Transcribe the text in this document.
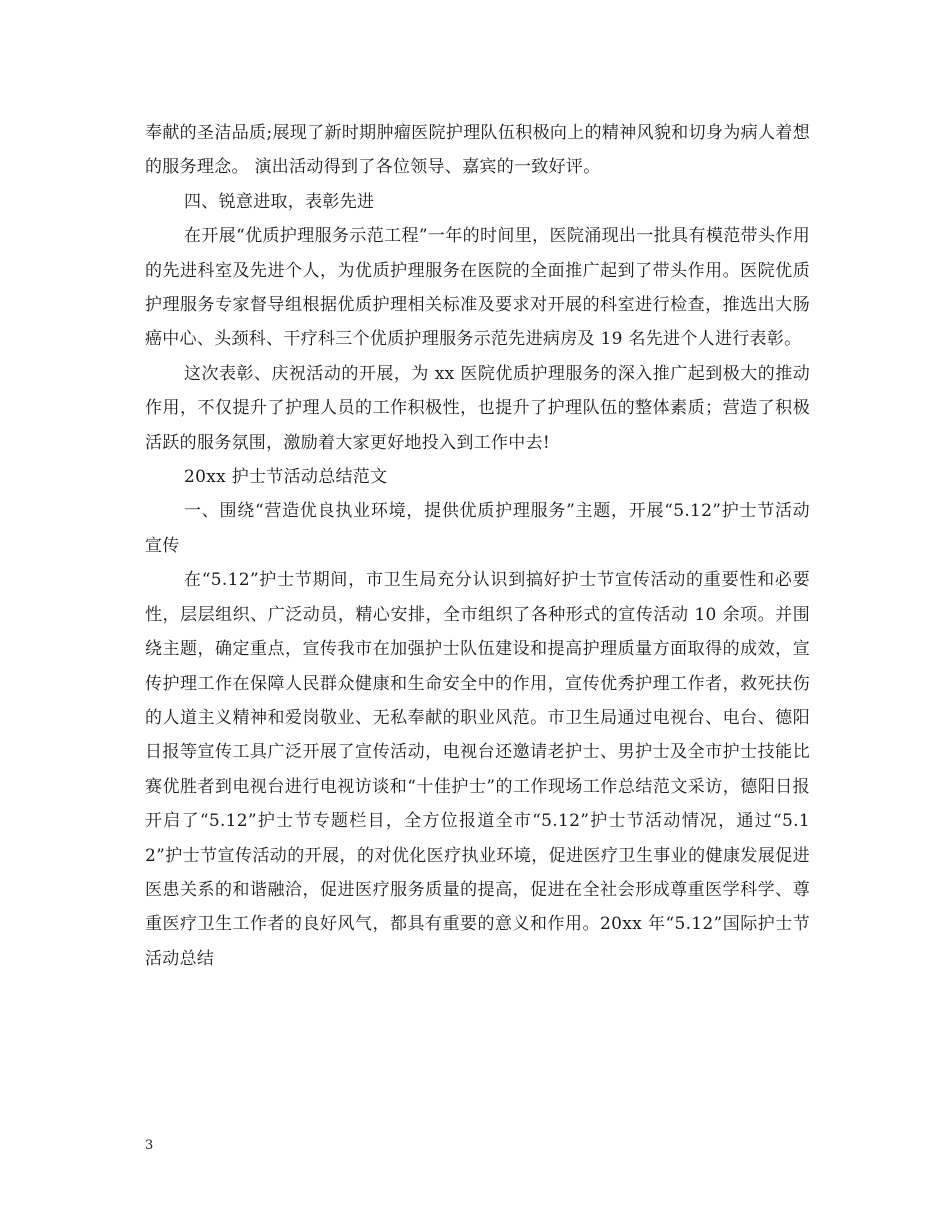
奉献的圣洁品质;展现了新时期肿瘤医院护理队伍积极向上的精神风貌和切身为病人着想的服务理念。 演出活动得到了各位领导、嘉宾的一致好评。

四、锐意进取，表彰先进

在开展“优质护理服务示范工程”一年的时间里，医院涌现出一批具有模范带头作用的先进科室及先进个人，为优质护理服务在医院的全面推广起到了带头作用。医院优质护理服务专家督导组根据优质护理相关标准及要求对开展的科室进行检查，推选出大肠癌中心、头颈科、干疗科三个优质护理服务示范先进病房及 19 名先进个人进行表彰。

这次表彰、庆祝活动的开展，为 xx 医院优质护理服务的深入推广起到极大的推动作用，不仅提升了护理人员的工作积极性，也提升了护理队伍的整体素质；营造了积极活跃的服务氛围，激励着大家更好地投入到工作中去!

20xx 护士节活动总结范文

一、围绕“营造优良执业环境，提供优质护理服务”主题，开展“5.12”护士节活动宣传

在“5.12”护士节期间，市卫生局充分认识到搞好护士节宣传活动的重要性和必要性，层层组织、广泛动员，精心安排，全市组织了各种形式的宣传活动 10 余项。并围绕主题，确定重点，宣传我市在加强护士队伍建设和提高护理质量方面取得的成效，宣传护理工作在保障人民群众健康和生命安全中的作用，宣传优秀护理工作者，救死扶伤的人道主义精神和爱岗敬业、无私奉献的职业风范。市卫生局通过电视台、电台、德阳日报等宣传工具广泛开展了宣传活动，电视台还邀请老护士、男护士及全市护士技能比赛优胜者到电视台进行电视访谈和“十佳护士”的工作现场工作总结范文采访，德阳日报开启了“5.12”护士节专题栏目，全方位报道全市“5.12”护士节活动情况，通过“5.12”护士节宣传活动的开展，的对优化医疗执业环境，促进医疗卫生事业的健康发展促进医患关系的和谐融洽，促进医疗服务质量的提高，促进在全社会形成尊重医学科学、尊重医疗卫生工作者的良好风气，都具有重要的意义和作用。20xx 年“5.12”国际护士节活动总结

3
